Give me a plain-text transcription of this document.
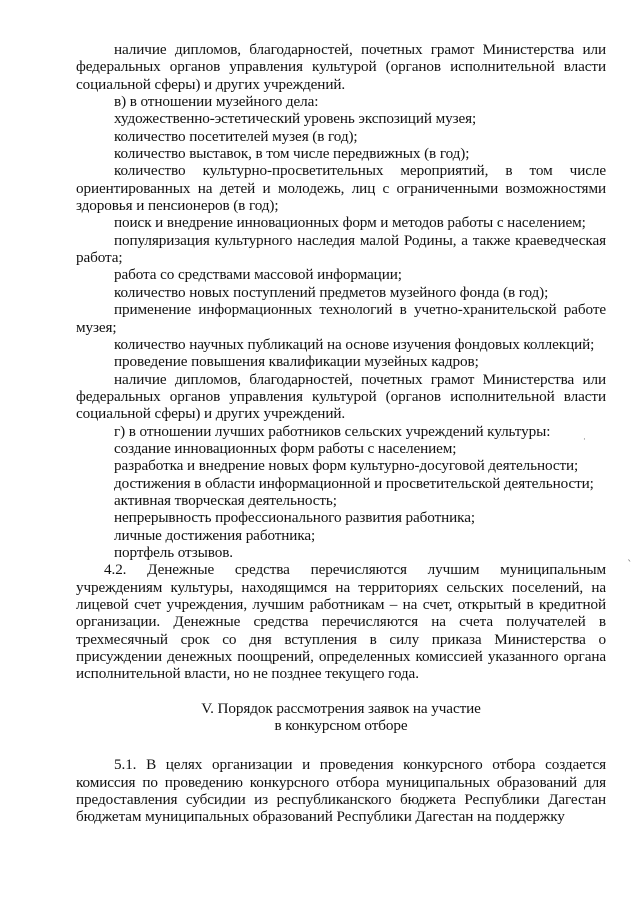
наличие дипломов, благодарностей, почетных грамот Министерства или федеральных органов управления культурой (органов исполнительной власти социальной сферы) и других учреждений.

в) в отношении музейного дела:

художественно-эстетический уровень экспозиций музея;

количество посетителей музея (в год);

количество выставок, в том числе передвижных (в год);

количество культурно-просветительных мероприятий, в том числе ориентированных на детей и молодежь, лиц с ограниченными возможностями здоровья и пенсионеров (в год);

поиск и внедрение инновационных форм и методов работы с населением;

популяризация культурного наследия малой Родины, а также краеведческая работа;

работа со средствами массовой информации;

количество новых поступлений предметов музейного фонда (в год);

применение информационных технологий в учетно-хранительской работе музея;

количество научных публикаций на основе изучения фондовых коллекций;

проведение повышения квалификации музейных кадров;

наличие дипломов, благодарностей, почетных грамот Министерства или федеральных органов управления культурой (органов исполнительной власти социальной сферы) и других учреждений.

г) в отношении лучших работников сельских учреждений культуры:

создание инновационных форм работы с населением;

разработка и внедрение новых форм культурно-досуговой деятельности;

достижения в области информационной и просветительской деятельности;

активная творческая деятельность;

непрерывность профессионального развития работника;

личные достижения работника;

портфель отзывов.

4.2. Денежные средства перечисляются лучшим муниципальным учреждениям культуры, находящимся на территориях сельских поселений, на лицевой счет учреждения, лучшим работникам – на счет, открытый в кредитной организации. Денежные средства перечисляются на счета получателей в трехмесячный срок со дня вступления в силу приказа Министерства о присуждении денежных поощрений, определенных комиссией указанного органа исполнительной власти, но не позднее текущего года.

V. Порядок рассмотрения заявок на участие

в конкурсном отборе

5.1. В целях организации и проведения конкурсного отбора создается комиссия по проведению конкурсного отбора муниципальных образований для предоставления субсидии из республиканского бюджета Республики Дагестан бюджетам муниципальных образований Республики Дагестан на поддержку

·
ˋ
